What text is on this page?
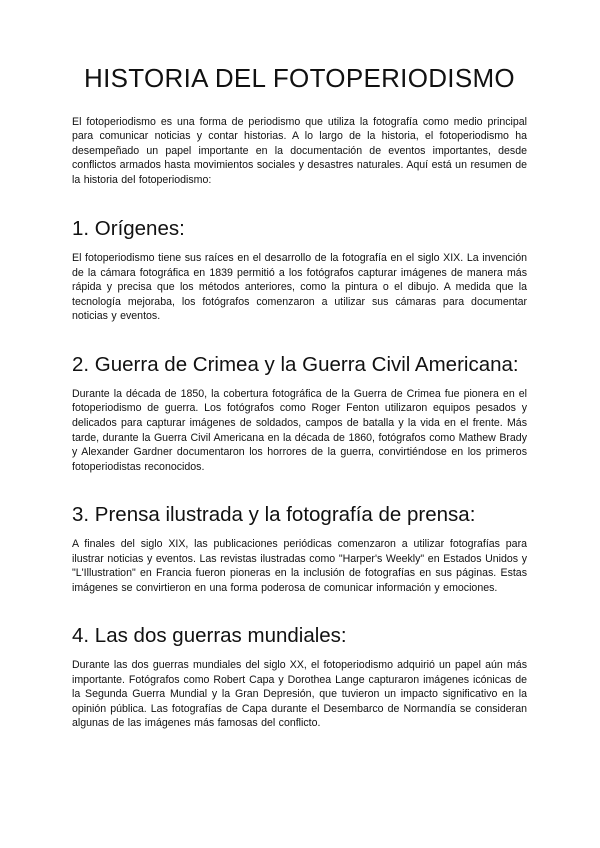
HISTORIA DEL FOTOPERIODISMO

El fotoperiodismo es una forma de periodismo que utiliza la fotografía como medio principal para comunicar noticias y contar historias. A lo largo de la historia, el fotoperiodismo ha desempeñado un papel importante en la documentación de eventos importantes, desde conflictos armados hasta movimientos sociales y desastres naturales. Aquí está un resumen de la historia del fotoperiodismo:

1. Orígenes:

El fotoperiodismo tiene sus raíces en el desarrollo de la fotografía en el siglo XIX. La invención de la cámara fotográfica en 1839 permitió a los fotógrafos capturar imágenes de manera más rápida y precisa que los métodos anteriores, como la pintura o el dibujo. A medida que la tecnología mejoraba, los fotógrafos comenzaron a utilizar sus cámaras para documentar noticias y eventos.

2. Guerra de Crimea y la Guerra Civil Americana:

Durante la década de 1850, la cobertura fotográfica de la Guerra de Crimea fue pionera en el fotoperiodismo de guerra. Los fotógrafos como Roger Fenton utilizaron equipos pesados y delicados para capturar imágenes de soldados, campos de batalla y la vida en el frente. Más tarde, durante la Guerra Civil Americana en la década de 1860, fotógrafos como Mathew Brady y Alexander Gardner documentaron los horrores de la guerra, convirtiéndose en los primeros fotoperiodistas reconocidos.

3. Prensa ilustrada y la fotografía de prensa:

A finales del siglo XIX, las publicaciones periódicas comenzaron a utilizar fotografías para ilustrar noticias y eventos. Las revistas ilustradas como "Harper's Weekly" en Estados Unidos y "L'Illustration" en Francia fueron pioneras en la inclusión de fotografías en sus páginas. Estas imágenes se convirtieron en una forma poderosa de comunicar información y emociones.

4. Las dos guerras mundiales:

Durante las dos guerras mundiales del siglo XX, el fotoperiodismo adquirió un papel aún más importante. Fotógrafos como Robert Capa y Dorothea Lange capturaron imágenes icónicas de la Segunda Guerra Mundial y la Gran Depresión, que tuvieron un impacto significativo en la opinión pública. Las fotografías de Capa durante el Desembarco de Normandía se consideran algunas de las imágenes más famosas del conflicto.
